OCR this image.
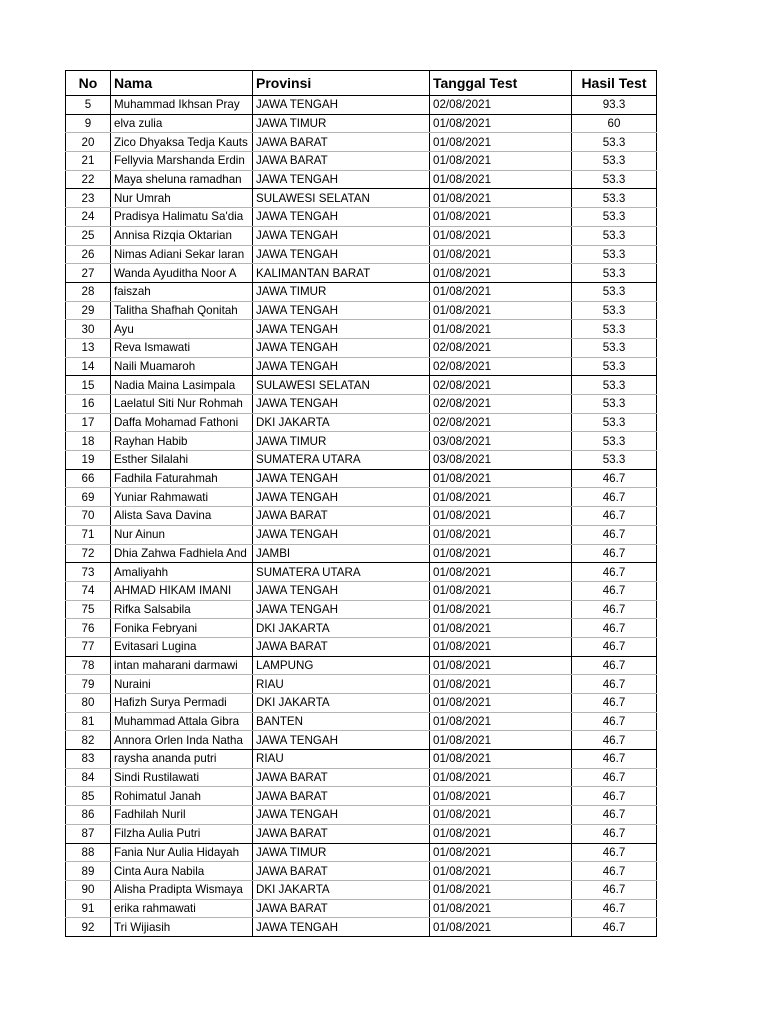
No	Nama	Provinsi	Tanggal Test	Hasil Test
5	Muhammad Ikhsan Pray	JAWA TENGAH	02/08/2021	93.3
9	elva zulia	JAWA TIMUR	01/08/2021	60
20	Zico Dhyaksa Tedja Kauts	JAWA BARAT	01/08/2021	53.3
21	Fellyvia Marshanda Erdin	JAWA BARAT	01/08/2021	53.3
22	Maya sheluna ramadhan	JAWA TENGAH	01/08/2021	53.3
23	Nur Umrah	SULAWESI SELATAN	01/08/2021	53.3
24	Pradisya Halimatu Sa'dia	JAWA TENGAH	01/08/2021	53.3
25	Annisa Rizqia Oktarian	JAWA TENGAH	01/08/2021	53.3
26	Nimas Adiani Sekar laran	JAWA TENGAH	01/08/2021	53.3
27	Wanda Ayuditha Noor A	KALIMANTAN BARAT	01/08/2021	53.3
28	faiszah	JAWA TIMUR	01/08/2021	53.3
29	Talitha Shafhah Qonitah	JAWA TENGAH	01/08/2021	53.3
30	Ayu	JAWA TENGAH	01/08/2021	53.3
13	Reva Ismawati	JAWA TENGAH	02/08/2021	53.3
14	Naili Muamaroh	JAWA TENGAH	02/08/2021	53.3
15	Nadia Maina Lasimpala	SULAWESI SELATAN	02/08/2021	53.3
16	Laelatul Siti Nur Rohmah	JAWA TENGAH	02/08/2021	53.3
17	Daffa Mohamad Fathoni	DKI JAKARTA	02/08/2021	53.3
18	Rayhan Habib	JAWA TIMUR	03/08/2021	53.3
19	Esther Silalahi	SUMATERA UTARA	03/08/2021	53.3
66	Fadhila Faturahmah	JAWA TENGAH	01/08/2021	46.7
69	Yuniar Rahmawati	JAWA TENGAH	01/08/2021	46.7
70	Alista Sava Davina	JAWA BARAT	01/08/2021	46.7
71	Nur Ainun	JAWA TENGAH	01/08/2021	46.7
72	Dhia Zahwa Fadhiela And	JAMBI	01/08/2021	46.7
73	Amaliyahh	SUMATERA UTARA	01/08/2021	46.7
74	AHMAD HIKAM IMANI	JAWA TENGAH	01/08/2021	46.7
75	Rifka Salsabila	JAWA TENGAH	01/08/2021	46.7
76	Fonika Febryani	DKI JAKARTA	01/08/2021	46.7
77	Evitasari Lugina	JAWA BARAT	01/08/2021	46.7
78	intan maharani darmawi	LAMPUNG	01/08/2021	46.7
79	Nuraini	RIAU	01/08/2021	46.7
80	Hafizh Surya Permadi	DKI JAKARTA	01/08/2021	46.7
81	Muhammad Attala Gibra	BANTEN	01/08/2021	46.7
82	Annora Orlen Inda Natha	JAWA TENGAH	01/08/2021	46.7
83	raysha ananda putri	RIAU	01/08/2021	46.7
84	Sindi Rustilawati	JAWA BARAT	01/08/2021	46.7
85	Rohimatul Janah	JAWA BARAT	01/08/2021	46.7
86	Fadhilah Nuril	JAWA TENGAH	01/08/2021	46.7
87	Filzha Aulia Putri	JAWA BARAT	01/08/2021	46.7
88	Fania Nur Aulia Hidayah	JAWA TIMUR	01/08/2021	46.7
89	Cinta Aura Nabila	JAWA BARAT	01/08/2021	46.7
90	Alisha Pradipta Wismaya	DKI JAKARTA	01/08/2021	46.7
91	erika rahmawati	JAWA BARAT	01/08/2021	46.7
92	Tri Wijiasih	JAWA TENGAH	01/08/2021	46.7
